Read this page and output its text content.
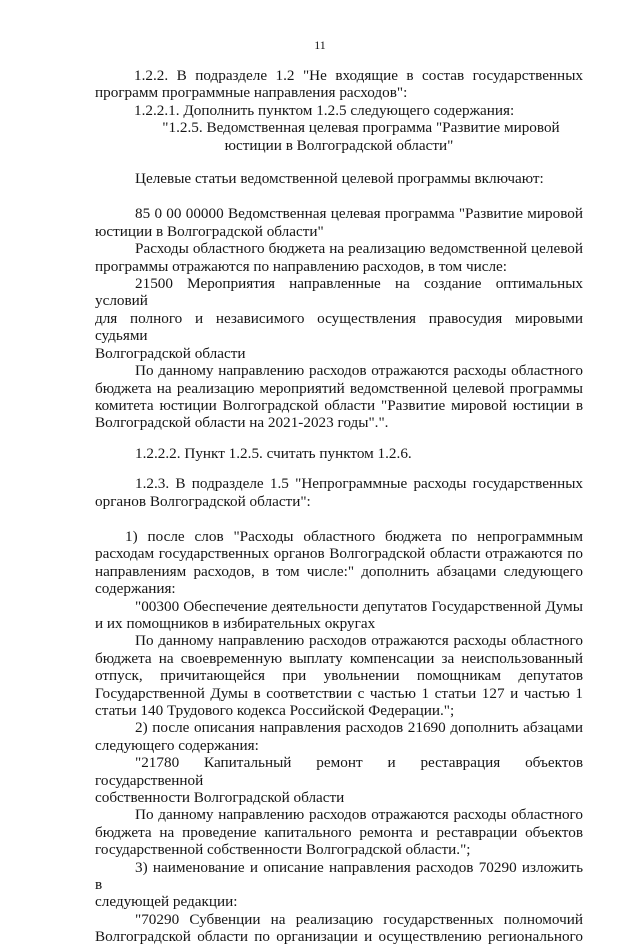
11

1.2.2. В подразделе 1.2 "Не входящие в состав государственных
программ программные направления расходов":

1.2.2.1. Дополнить пунктом 1.2.5 следующего содержания:

"1.2.5. Ведомственная целевая программа "Развитие мировой
юстиции в Волгоградской области"

Целевые статьи ведомственной целевой программы включают:

85 0 00 00000 Ведомственная целевая программа "Развитие мировой
юстиции в Волгоградской области"

Расходы областного бюджета на реализацию ведомственной целевой
программы отражаются по направлению расходов, в том числе:

21500 Мероприятия направленные на создание оптимальных условий
для полного и независимого осуществления правосудия мировыми судьями
Волгоградской области

По данному направлению расходов отражаются расходы областного
бюджета на реализацию мероприятий ведомственной целевой программы
комитета юстиции Волгоградской области "Развитие мировой юстиции в
Волгоградской области на 2021-2023 годы".".

1.2.2.2. Пункт 1.2.5. считать пунктом 1.2.6.

1.2.3. В подразделе 1.5 "Непрограммные расходы государственных
органов Волгоградской области":

1) после слов "Расходы областного бюджета по непрограммным
расходам государственных органов Волгоградской области отражаются по
направлениям расходов, в том числе:" дополнить абзацами следующего
содержания:

"00300 Обеспечение деятельности депутатов Государственной Думы
и их помощников в избирательных округах

По данному направлению расходов отражаются расходы областного
бюджета на своевременную выплату компенсации за неиспользованный
отпуск, причитающейся при увольнении помощникам депутатов
Государственной Думы в соответствии с частью 1 статьи 127 и частью 1
статьи 140 Трудового кодекса Российской Федерации.";

2) после описания направления расходов 21690 дополнить абзацами
следующего содержания:

"21780 Капитальный ремонт и реставрация объектов государственной
собственности Волгоградской области

По данному направлению расходов отражаются расходы областного
бюджета на проведение капитального ремонта и реставрации объектов
государственной собственности Волгоградской области.";

3) наименование и описание направления расходов 70290 изложить в
следующей редакции:

"70290 Субвенции на реализацию государственных полномочий
Волгоградской области по организации и осуществлению регионального
